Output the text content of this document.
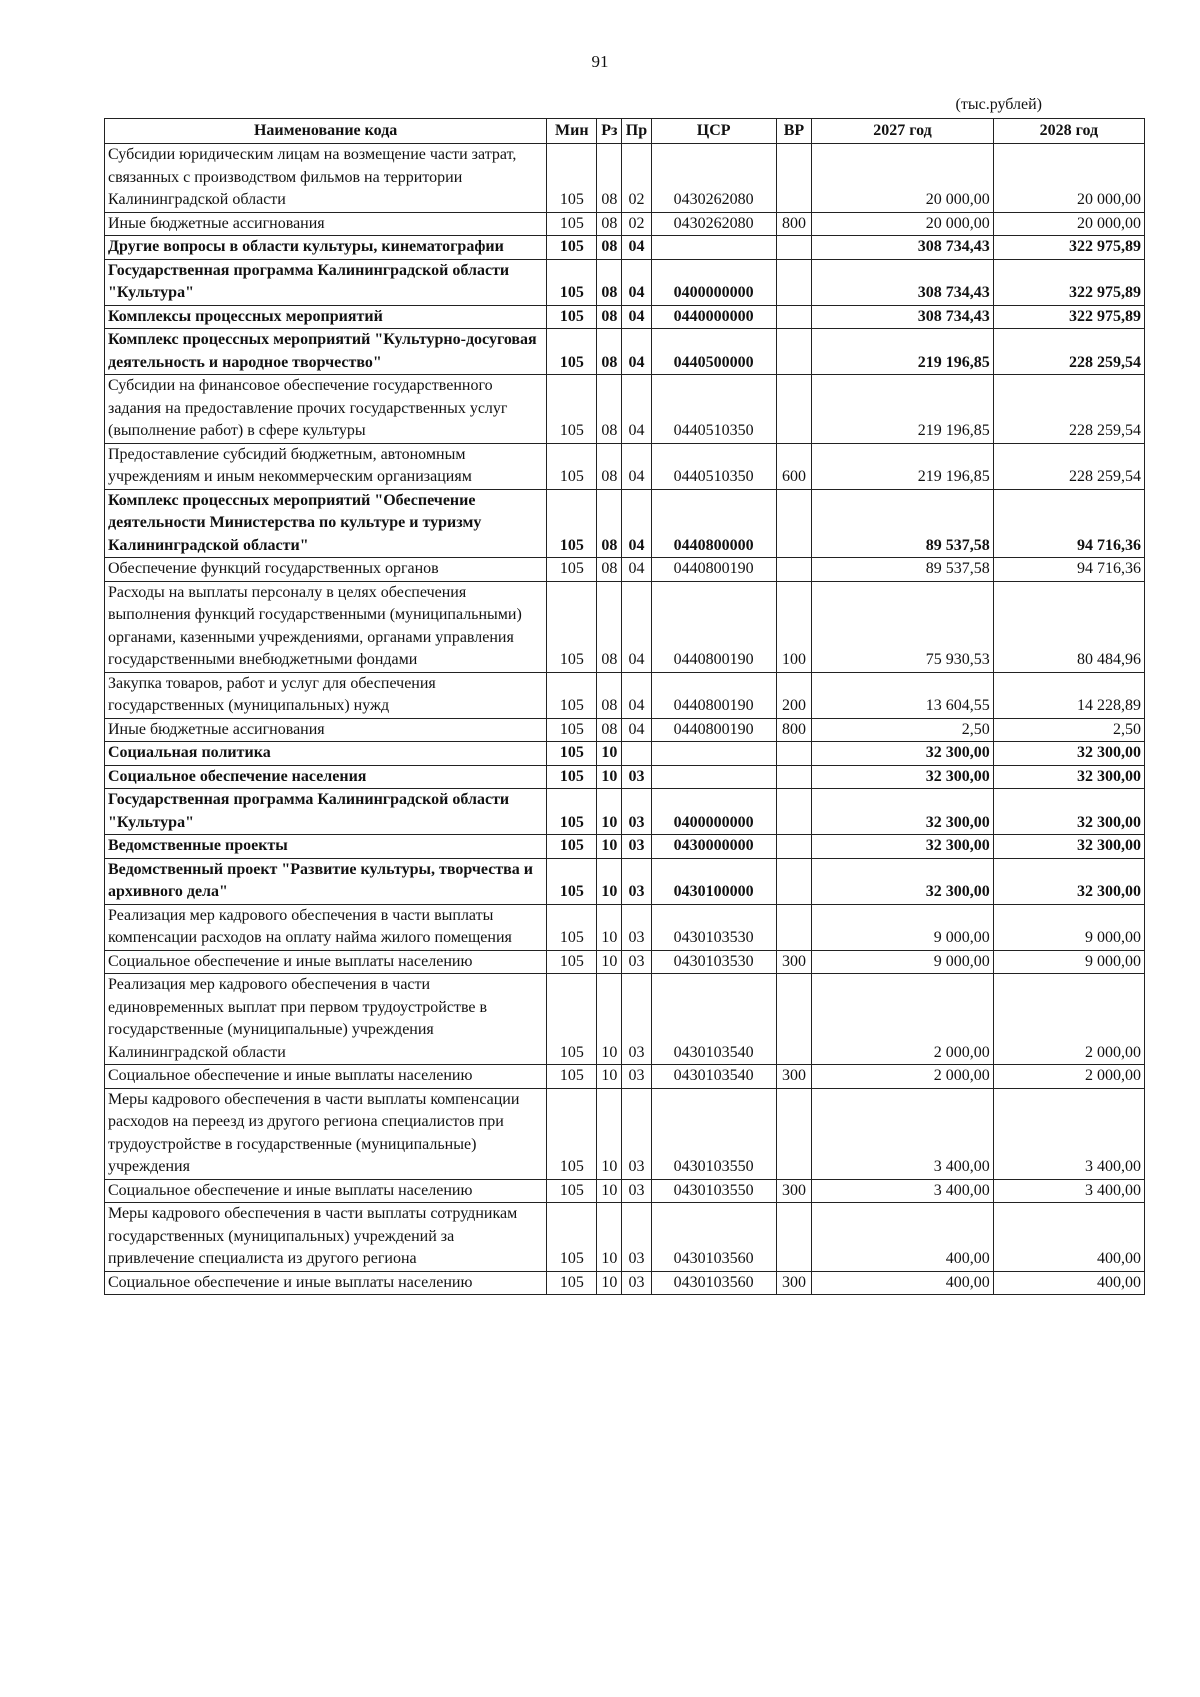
91
(тыс.рублей)
Наименование кода	Мин	Рз	Пр	ЦСР	ВР	2027 год	2028 год
Субсидии юридическим лицам на возмещение части затрат, связанных с производством фильмов на территории Калининградской области	105	08	02	0430262080		20 000,00	20 000,00
Иные бюджетные ассигнования	105	08	02	0430262080	800	20 000,00	20 000,00
Другие вопросы в области культуры, кинематографии	105	08	04			308 734,43	322 975,89
Государственная программа Калининградской области "Культура"	105	08	04	0400000000		308 734,43	322 975,89
Комплексы процессных мероприятий	105	08	04	0440000000		308 734,43	322 975,89
Комплекс процессных мероприятий "Культурно-досуговая деятельность и народное творчество"	105	08	04	0440500000		219 196,85	228 259,54
Субсидии на финансовое обеспечение государственного задания на предоставление прочих государственных услуг (выполнение работ) в сфере культуры	105	08	04	0440510350		219 196,85	228 259,54
Предоставление субсидий бюджетным, автономным учреждениям и иным некоммерческим организациям	105	08	04	0440510350	600	219 196,85	228 259,54
Комплекс процессных мероприятий "Обеспечение деятельности Министерства по культуре и туризму Калининградской области"	105	08	04	0440800000		89 537,58	94 716,36
Обеспечение функций государственных органов	105	08	04	0440800190		89 537,58	94 716,36
Расходы на выплаты персоналу в целях обеспечения выполнения функций государственными (муниципальными) органами, казенными учреждениями, органами управления государственными внебюджетными фондами	105	08	04	0440800190	100	75 930,53	80 484,96
Закупка товаров, работ и услуг для обеспечения государственных (муниципальных) нужд	105	08	04	0440800190	200	13 604,55	14 228,89
Иные бюджетные ассигнования	105	08	04	0440800190	800	2,50	2,50
Социальная политика	105	10				32 300,00	32 300,00
Социальное обеспечение населения	105	10	03			32 300,00	32 300,00
Государственная программа Калининградской области "Культура"	105	10	03	0400000000		32 300,00	32 300,00
Ведомственные проекты	105	10	03	0430000000		32 300,00	32 300,00
Ведомственный проект "Развитие культуры, творчества и архивного дела"	105	10	03	0430100000		32 300,00	32 300,00
Реализация мер кадрового обеспечения в части выплаты компенсации расходов на оплату найма жилого помещения	105	10	03	0430103530		9 000,00	9 000,00
Социальное обеспечение и иные выплаты населению	105	10	03	0430103530	300	9 000,00	9 000,00
Реализация мер кадрового обеспечения в части единовременных выплат при первом трудоустройстве в государственные (муниципальные) учреждения Калининградской области	105	10	03	0430103540		2 000,00	2 000,00
Социальное обеспечение и иные выплаты населению	105	10	03	0430103540	300	2 000,00	2 000,00
Меры кадрового обеспечения в части выплаты компенсации расходов на переезд из другого региона специалистов при трудоустройстве в государственные (муниципальные) учреждения	105	10	03	0430103550		3 400,00	3 400,00
Социальное обеспечение и иные выплаты населению	105	10	03	0430103550	300	3 400,00	3 400,00
Меры кадрового обеспечения в части выплаты сотрудникам государственных (муниципальных) учреждений за привлечение специалиста из другого региона	105	10	03	0430103560		400,00	400,00
Социальное обеспечение и иные выплаты населению	105	10	03	0430103560	300	400,00	400,00
